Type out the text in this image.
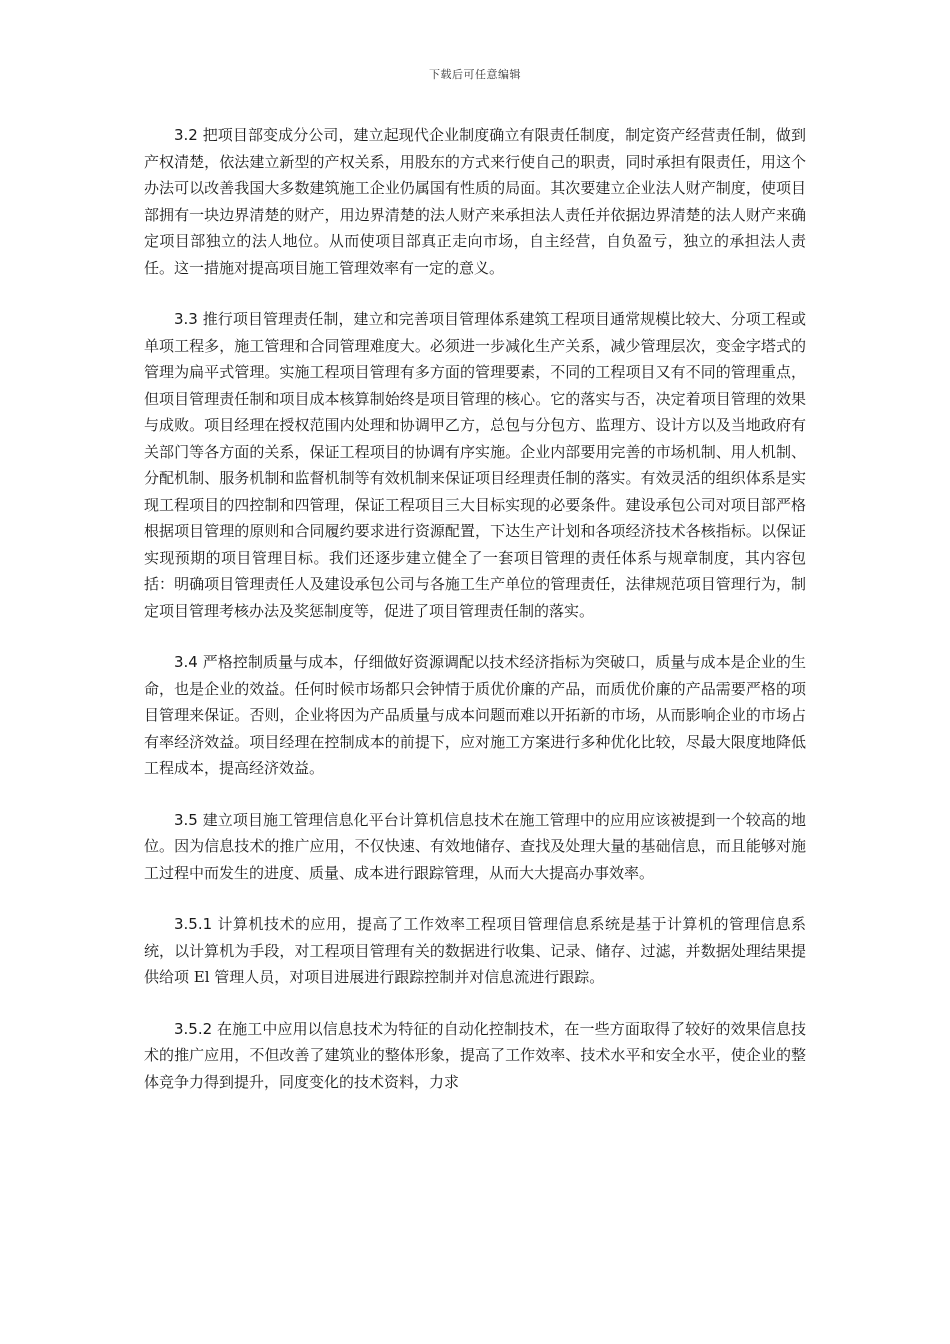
下载后可任意编辑

3.2 把项目部变成分公司，建立起现代企业制度确立有限责任制度，制定资产经营责任制，做到产权清楚，依法建立新型的产权关系，用股东的方式来行使自己的职责，同时承担有限责任，用这个办法可以改善我国大多数建筑施工企业仍属国有性质的局面。其次要建立企业法人财产制度，使项目部拥有一块边界清楚的财产，用边界清楚的法人财产来承担法人责任并依据边界清楚的法人财产来确定项目部独立的法人地位。从而使项目部真正走向市场，自主经营，自负盈亏，独立的承担法人责任。这一措施对提高项目施工管理效率有一定的意义。

3.3 推行项目管理责任制，建立和完善项目管理体系建筑工程项目通常规模比较大、分项工程或单项工程多，施工管理和合同管理难度大。必须进一步减化生产关系，减少管理层次，变金字塔式的管理为扁平式管理。实施工程项目管理有多方面的管理要素，不同的工程项目又有不同的管理重点，但项目管理责任制和项目成本核算制始终是项目管理的核心。它的落实与否，决定着项目管理的效果与成败。项目经理在授权范围内处理和协调甲乙方，总包与分包方、监理方、设计方以及当地政府有关部门等各方面的关系，保证工程项目的协调有序实施。企业内部要用完善的市场机制、用人机制、分配机制、服务机制和监督机制等有效机制来保证项目经理责任制的落实。有效灵活的组织体系是实现工程项目的四控制和四管理，保证工程项目三大目标实现的必要条件。建设承包公司对项目部严格根据项目管理的原则和合同履约要求进行资源配置，下达生产计划和各项经济技术各核指标。以保证实现预期的项目管理目标。我们还逐步建立健全了一套项目管理的责任体系与规章制度，其内容包括：明确项目管理责任人及建设承包公司与各施工生产单位的管理责任，法律规范项目管理行为，制定项目管理考核办法及奖惩制度等，促进了项目管理责任制的落实。

3.4 严格控制质量与成本，仔细做好资源调配以技术经济指标为突破口，质量与成本是企业的生命，也是企业的效益。任何时候市场都只会钟情于质优价廉的产品，而质优价廉的产品需要严格的项目管理来保证。否则，企业将因为产品质量与成本问题而难以开拓新的市场，从而影响企业的市场占有率经济效益。项目经理在控制成本的前提下，应对施工方案进行多种优化比较，尽最大限度地降低工程成本，提高经济效益。

3.5 建立项目施工管理信息化平台计算机信息技术在施工管理中的应用应该被提到一个较高的地位。因为信息技术的推广应用，不仅快速、有效地储存、查找及处理大量的基础信息，而且能够对施工过程中而发生的进度、质量、成本进行跟踪管理，从而大大提高办事效率。

3.5.1 计算机技术的应用，提高了工作效率工程项目管理信息系统是基于计算机的管理信息系统，以计算机为手段，对工程项目管理有关的数据进行收集、记录、储存、过滤，并数据处理结果提供给项 El 管理人员，对项目进展进行跟踪控制并对信息流进行跟踪。

3.5.2 在施工中应用以信息技术为特征的自动化控制技术，在一些方面取得了较好的效果信息技术的推广应用，不但改善了建筑业的整体形象，提高了工作效率、技术水平和安全水平，使企业的整体竞争力得到提升，同度变化的技术资料，力求
